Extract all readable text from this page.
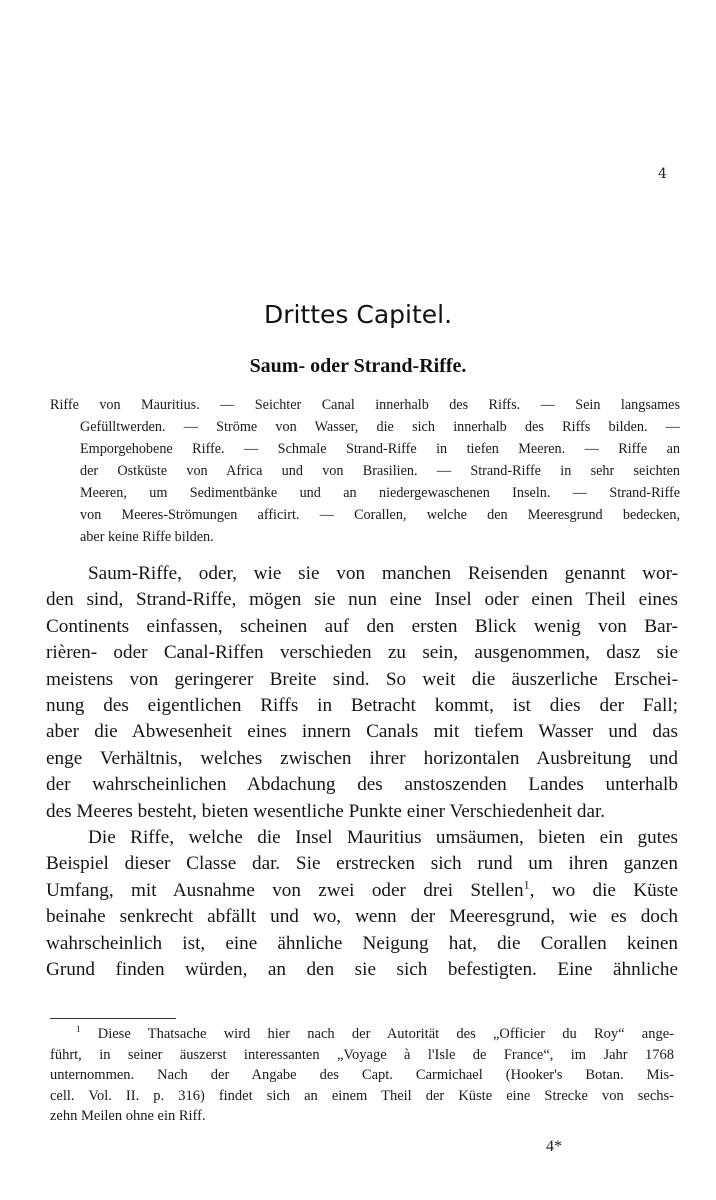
4
Drittes Capitel.
Saum- oder Strand-Riffe.
Riffe von Mauritius. — Seichter Canal innerhalb des Riffs. — Sein langsames
Gefülltwerden. — Ströme von Wasser, die sich innerhalb des Riffs bilden. —
Emporgehobene Riffe. — Schmale Strand-Riffe in tiefen Meeren. — Riffe an
der Ostküste von Africa und von Brasilien. — Strand-Riffe in sehr seichten
Meeren, um Sedimentbänke und an niedergewaschenen Inseln. — Strand-Riffe
von Meeres-Strömungen afficirt. — Corallen, welche den Meeresgrund bedecken,
aber keine Riffe bilden.
Saum-Riffe, oder, wie sie von manchen Reisenden genannt wor-
den sind, Strand-Riffe, mögen sie nun eine Insel oder einen Theil eines
Continents einfassen, scheinen auf den ersten Blick wenig von Bar-
rièren- oder Canal-Riffen verschieden zu sein, ausgenommen, dasz sie
meistens von geringerer Breite sind. So weit die äuszerliche Erschei-
nung des eigentlichen Riffs in Betracht kommt, ist dies der Fall;
aber die Abwesenheit eines innern Canals mit tiefem Wasser und das
enge Verhältnis, welches zwischen ihrer horizontalen Ausbreitung und
der wahrscheinlichen Abdachung des anstoszenden Landes unterhalb
des Meeres besteht, bieten wesentliche Punkte einer Verschiedenheit dar.
Die Riffe, welche die Insel Mauritius umsäumen, bieten ein gutes
Beispiel dieser Classe dar. Sie erstrecken sich rund um ihren ganzen
Umfang, mit Ausnahme von zwei oder drei Stellen$^1$, wo die Küste
beinahe senkrecht abfällt und wo, wenn der Meeresgrund, wie es doch
wahrscheinlich ist, eine ähnliche Neigung hat, die Corallen keinen
Grund finden würden, an den sie sich befestigten. Eine ähnliche
$^1$ Diese Thatsache wird hier nach der Autorität des „Officier du Roy“ ange-
führt, in seiner äuszerst interessanten „Voyage à l'Isle de France“, im Jahr 1768
unternommen. Nach der Angabe des Capt. Carmichael (Hooker's Botan. Mis-
cell. Vol. II. p. 316) findet sich an einem Theil der Küste eine Strecke von sechs-
zehn Meilen ohne ein Riff.
4*
